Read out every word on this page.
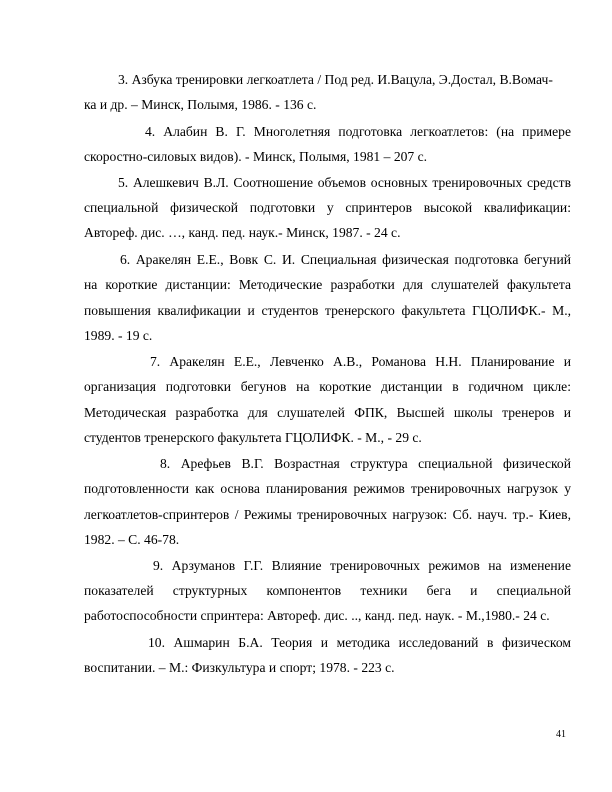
3. Азбука тренировки легкоатлета / Под ред. И.Вацула, Э.Достал, В.Вомач-
ка и др. – Минск, Полымя, 1986. - 136 с.
4. Алабин В. Г. Многолетняя подготовка легкоатлетов: (на примере
скоростно-силовых видов). - Минск, Полымя, 1981 – 207 с.
5. Алешкевич В.Л. Соотношение объемов основных тренировочных средств
специальной физической подготовки у спринтеров высокой квалификации:
Автореф. дис. …, канд. пед. наук.- Минск, 1987. - 24 с.
6. Аракелян Е.Е., Вовк С. И. Специальная физическая подготовка бегуний
на короткие дистанции: Методические разработки для слушателей факультета
повышения квалификации и студентов тренерского факультета ГЦОЛИФК.- М.,
1989. - 19 с.
7. Аракелян Е.Е., Левченко А.В., Романова Н.Н. Планирование и
организация подготовки бегунов на короткие дистанции в годичном цикле:
Методическая разработка для слушателей ФПК, Высшей школы тренеров и
студентов тренерского факультета ГЦОЛИФК. - М., - 29 с.
8. Арефьев В.Г. Возрастная структура специальной физической
подготовленности как основа планирования режимов тренировочных нагрузок у
легкоатлетов-спринтеров / Режимы тренировочных нагрузок: Сб. науч. тр.- Киев,
1982. – С. 46-78.
9. Арзуманов Г.Г. Влияние тренировочных режимов на изменение
показателей структурных компонентов техники бега и специальной
работоспособности спринтера: Автореф. дис. .., канд. пед. наук. - М.,1980.- 24 с.
10. Ашмарин Б.А. Теория и методика исследований в физическом
воспитании. – М.: Физкультура и спорт; 1978. - 223 с.
41
